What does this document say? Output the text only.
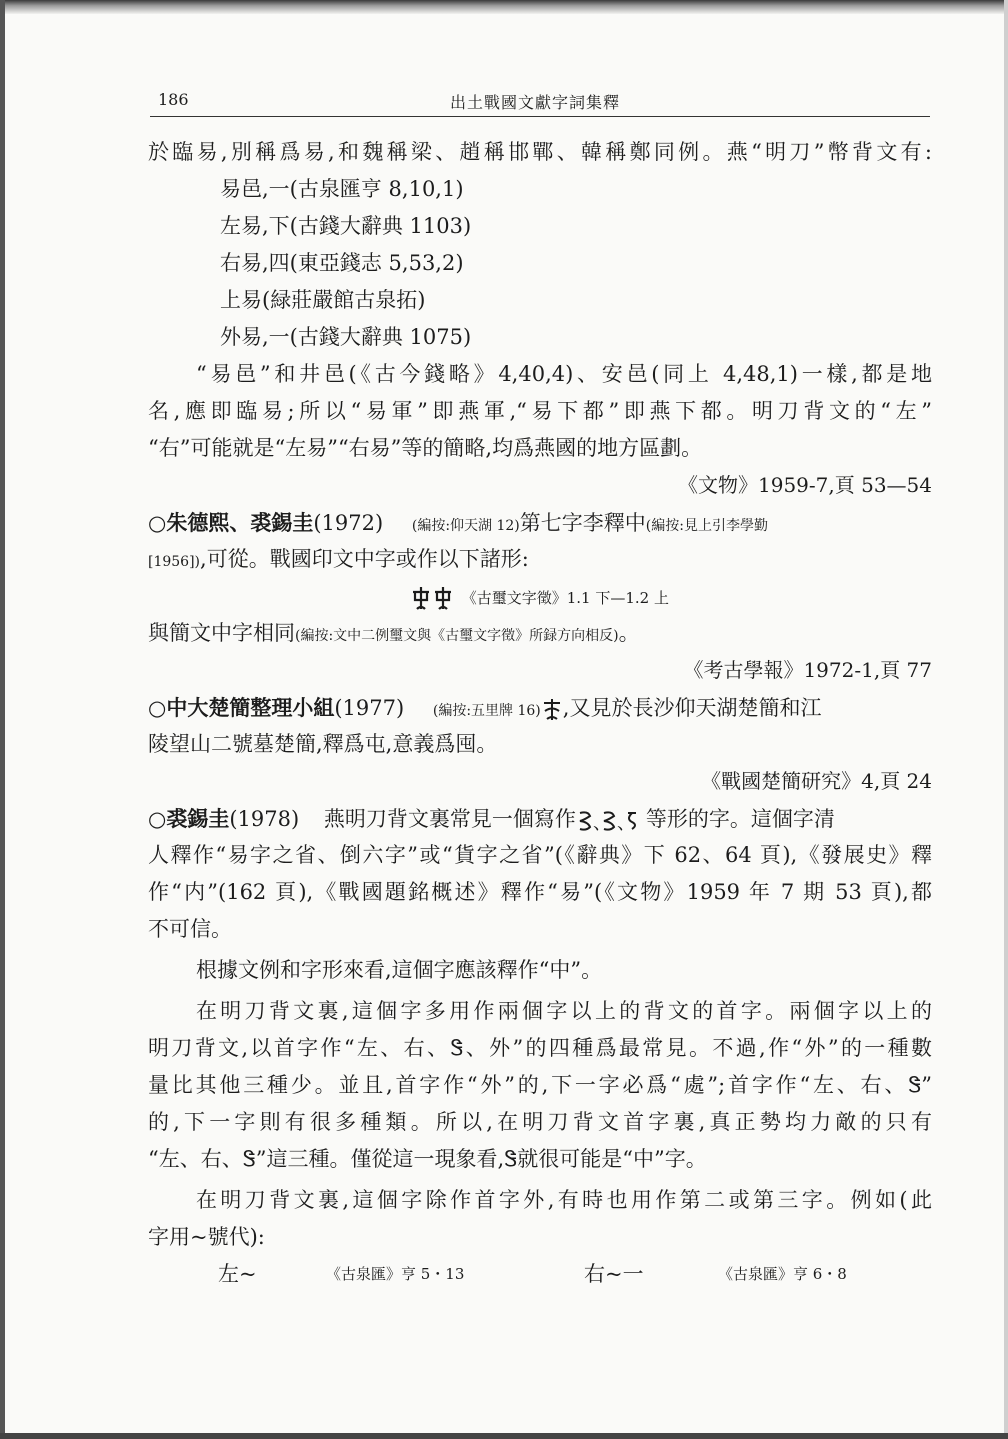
186	出土戰國文獻字詞集釋
於臨易,別稱爲易,和魏稱梁、趙稱邯鄲、韓稱鄭同例。燕“明刀”幣背文有:
易邑,一(古泉匯亨 8,10,1)
左易,下(古錢大辭典 1103)
右易,四(東亞錢志 5,53,2)
上易(緑莊嚴館古泉拓)
外易,一(古錢大辭典 1075)
“易邑”和井邑(《古今錢略》4,40,4)、安邑(同上 4,48,1)一樣,都是地
名,應即臨易;所以“易軍”即燕軍,“易下都”即燕下都。明刀背文的“左”
“右”可能就是“左易”“右易”等的簡略,均爲燕國的地方區劃。
《文物》1959-7,頁 53—54
○朱德熙、裘錫圭(1972) (編按:仰天湖 12)第七字李釋中(編按:見上引李學勤
[1956]),可從。戰國印文中字或作以下諸形:
《古璽文字徵》1.1 下—1.2 上
與簡文中字相同(編按:文中二例璽文與《古璽文字徵》所録方向相反)。
《考古學報》1972-1,頁 77
○中大楚簡整理小組(1977) (編按:五里牌 16) ,又見於長沙仰天湖楚簡和江
陵望山二號墓楚簡,釋爲屯,意義爲囤。
《戰國楚簡研究》4,頁 24
○裘錫圭(1978) 燕明刀背文裏常見一個寫作 、 、 等形的字。這個字清
人釋作“易字之省、倒六字”或“貨字之省”(《辭典》下 62、64 頁),《發展史》釋
作“内”(162 頁),《戰國題銘概述》釋作“易”(《文物》1959 年 7 期 53 頁),都
不可信。
根據文例和字形來看,這個字應該釋作“中”。
在明刀背文裏,這個字多用作兩個字以上的背文的首字。兩個字以上的
明刀背文,以首字作“左、右、Ꮥ、外”的四種爲最常見。不過,作“外”的一種數
量比其他三種少。並且,首字作“外”的,下一字必爲“處”;首字作“左、右、Ꮥ”
的,下一字則有很多種類。所以,在明刀背文首字裏,真正勢均力敵的只有
“左、右、Ꮥ”這三種。僅從這一現象看,Ꮥ就很可能是“中”字。
在明刀背文裏,這個字除作首字外,有時也用作第二或第三字。例如(此
字用~號代):
左~	《古泉匯》亨 5・13	右~一	《古泉匯》亨 6・8
